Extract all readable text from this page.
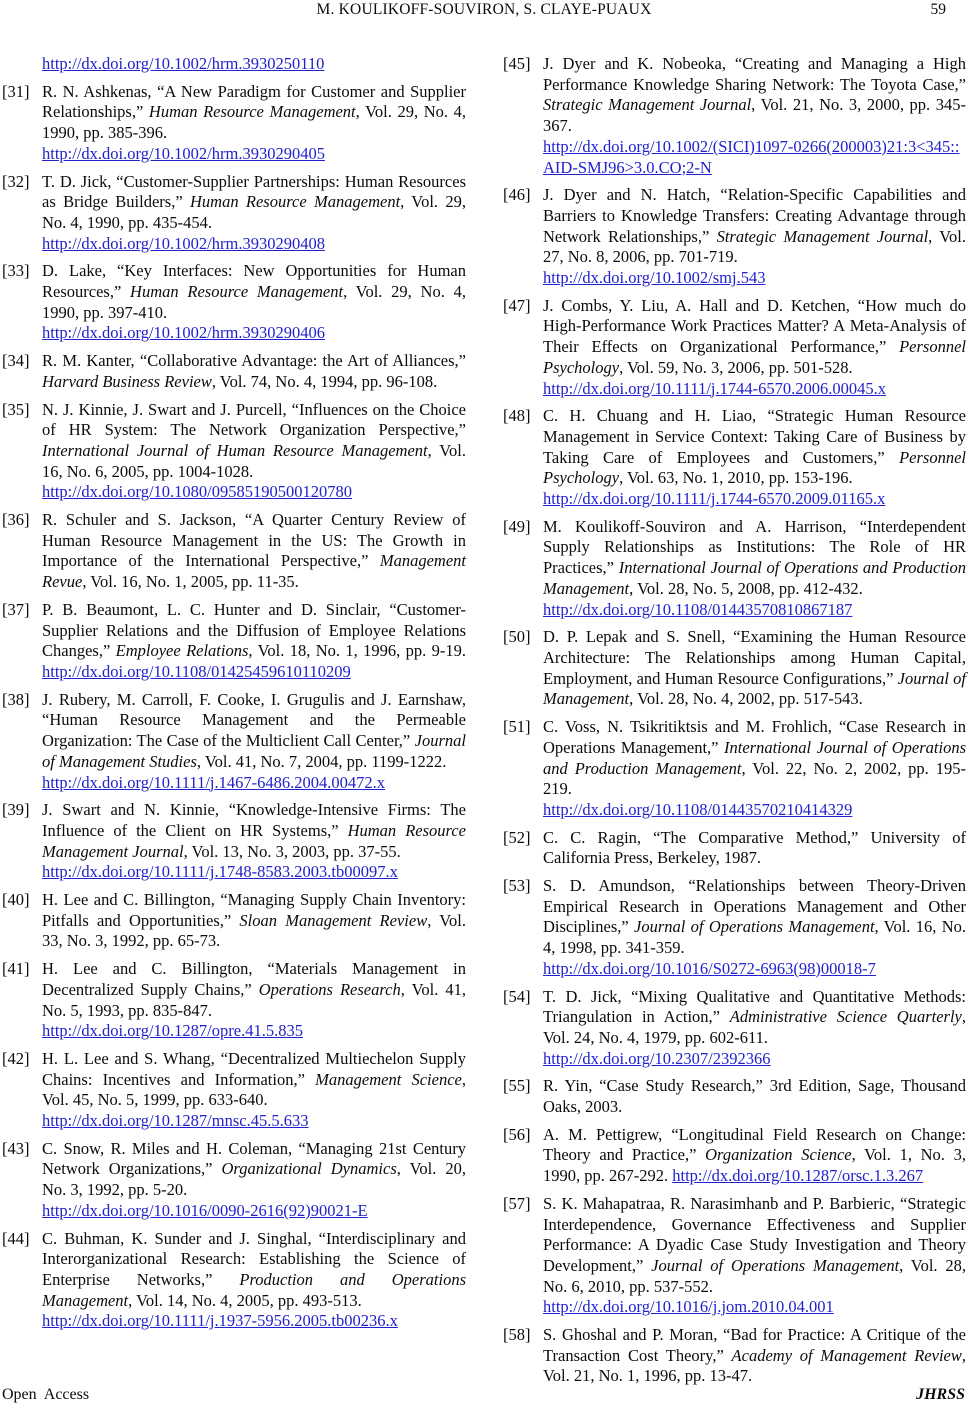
M. KOULIKOFF-SOUVIRON, S. CLAYE-PUAUX	59
http://dx.doi.org/10.1002/hrm.3930250110
[31] R. N. Ashkenas, “A New Paradigm for Customer and Supplier Relationships,” Human Resource Management, Vol. 29, No. 4, 1990, pp. 385-396.
http://dx.doi.org/10.1002/hrm.3930290405
[32] T. D. Jick, “Customer-Supplier Partnerships: Human Resources as Bridge Builders,” Human Resource Management, Vol. 29, No. 4, 1990, pp. 435-454.
http://dx.doi.org/10.1002/hrm.3930290408
[33] D. Lake, “Key Interfaces: New Opportunities for Human Resources,” Human Resource Management, Vol. 29, No. 4, 1990, pp. 397-410.
http://dx.doi.org/10.1002/hrm.3930290406
[34] R. M. Kanter, “Collaborative Advantage: the Art of Alliances,” Harvard Business Review, Vol. 74, No. 4, 1994, pp. 96-108.
[35] N. J. Kinnie, J. Swart and J. Purcell, “Influences on the Choice of HR System: The Network Organization Perspective,” International Journal of Human Resource Management, Vol. 16, No. 6, 2005, pp. 1004-1028.
http://dx.doi.org/10.1080/09585190500120780
[36] R. Schuler and S. Jackson, “A Quarter Century Review of Human Resource Management in the US: The Growth in Importance of the International Perspective,” Management Revue, Vol. 16, No. 1, 2005, pp. 11-35.
[37] P. B. Beaumont, L. C. Hunter and D. Sinclair, “Customer-Supplier Relations and the Diffusion of Employee Relations Changes,” Employee Relations, Vol. 18, No. 1, 1996, pp. 9-19. http://dx.doi.org/10.1108/01425459610110209
[38] J. Rubery, M. Carroll, F. Cooke, I. Grugulis and J. Earnshaw, “Human Resource Management and the Permeable Organization: The Case of the Multiclient Call Center,” Journal of Management Studies, Vol. 41, No. 7, 2004, pp. 1199-1222.
http://dx.doi.org/10.1111/j.1467-6486.2004.00472.x
[39] J. Swart and N. Kinnie, “Knowledge-Intensive Firms: The Influence of the Client on HR Systems,” Human Resource Management Journal, Vol. 13, No. 3, 2003, pp. 37-55.
http://dx.doi.org/10.1111/j.1748-8583.2003.tb00097.x
[40] H. Lee and C. Billington, “Managing Supply Chain Inventory: Pitfalls and Opportunities,” Sloan Management Review, Vol. 33, No. 3, 1992, pp. 65-73.
[41] H. Lee and C. Billington, “Materials Management in Decentralized Supply Chains,” Operations Research, Vol. 41, No. 5, 1993, pp. 835-847.
http://dx.doi.org/10.1287/opre.41.5.835
[42] H. L. Lee and S. Whang, “Decentralized Multiechelon Supply Chains: Incentives and Information,” Management Science, Vol. 45, No. 5, 1999, pp. 633-640.
http://dx.doi.org/10.1287/mnsc.45.5.633
[43] C. Snow, R. Miles and H. Coleman, “Managing 21st Century Network Organizations,” Organizational Dynamics, Vol. 20, No. 3, 1992, pp. 5-20.
http://dx.doi.org/10.1016/0090-2616(92)90021-E
[44] C. Buhman, K. Sunder and J. Singhal, “Interdisciplinary and Interorganizational Research: Establishing the Science of Enterprise Networks,” Production and Operations Management, Vol. 14, No. 4, 2005, pp. 493-513.
http://dx.doi.org/10.1111/j.1937-5956.2005.tb00236.x
[45] J. Dyer and K. Nobeoka, “Creating and Managing a High Performance Knowledge Sharing Network: The Toyota Case,” Strategic Management Journal, Vol. 21, No. 3, 2000, pp. 345-367.
http://dx.doi.org/10.1002/(SICI)1097-0266(200003)21:3<345::AID-SMJ96>3.0.CO;2-N
[46] J. Dyer and N. Hatch, “Relation-Specific Capabilities and Barriers to Knowledge Transfers: Creating Advantage through Network Relationships,” Strategic Management Journal, Vol. 27, No. 8, 2006, pp. 701-719.
http://dx.doi.org/10.1002/smj.543
[47] J. Combs, Y. Liu, A. Hall and D. Ketchen, “How much do High-Performance Work Practices Matter? A Meta-Analysis of Their Effects on Organizational Performance,” Personnel Psychology, Vol. 59, No. 3, 2006, pp. 501-528.
http://dx.doi.org/10.1111/j.1744-6570.2006.00045.x
[48] C. H. Chuang and H. Liao, “Strategic Human Resource Management in Service Context: Taking Care of Business by Taking Care of Employees and Customers,” Personnel Psychology, Vol. 63, No. 1, 2010, pp. 153-196.
http://dx.doi.org/10.1111/j.1744-6570.2009.01165.x
[49] M. Koulikoff-Souviron and A. Harrison, “Interdependent Supply Relationships as Institutions: The Role of HR Practices,” International Journal of Operations and Production Management, Vol. 28, No. 5, 2008, pp. 412-432.
http://dx.doi.org/10.1108/01443570810867187
[50] D. P. Lepak and S. Snell, “Examining the Human Resource Architecture: The Relationships among Human Capital, Employment, and Human Resource Configurations,” Journal of Management, Vol. 28, No. 4, 2002, pp. 517-543.
[51] C. Voss, N. Tsikritiktsis and M. Frohlich, “Case Research in Operations Management,” International Journal of Operations and Production Management, Vol. 22, No. 2, 2002, pp. 195-219.
http://dx.doi.org/10.1108/01443570210414329
[52] C. C. Ragin, “The Comparative Method,” University of California Press, Berkeley, 1987.
[53] S. D. Amundson, “Relationships between Theory-Driven Empirical Research in Operations Management and Other Disciplines,” Journal of Operations Management, Vol. 16, No. 4, 1998, pp. 341-359.
http://dx.doi.org/10.1016/S0272-6963(98)00018-7
[54] T. D. Jick, “Mixing Qualitative and Quantitative Methods: Triangulation in Action,” Administrative Science Quarterly, Vol. 24, No. 4, 1979, pp. 602-611.
http://dx.doi.org/10.2307/2392366
[55] R. Yin, “Case Study Research,” 3rd Edition, Sage, Thousand Oaks, 2003.
[56] A. M. Pettigrew, “Longitudinal Field Research on Change: Theory and Practice,” Organization Science, Vol. 1, No. 3, 1990, pp. 267-292. http://dx.doi.org/10.1287/orsc.1.3.267
[57] S. K. Mahapatraa, R. Narasimhanb and P. Barbieric, “Strategic Interdependence, Governance Effectiveness and Supplier Performance: A Dyadic Case Study Investigation and Theory Development,” Journal of Operations Management, Vol. 28, No. 6, 2010, pp. 537-552.
http://dx.doi.org/10.1016/j.jom.2010.04.001
[58] S. Ghoshal and P. Moran, “Bad for Practice: A Critique of the Transaction Cost Theory,” Academy of Management Review, Vol. 21, No. 1, 1996, pp. 13-47.
Open Access	JHRSS
